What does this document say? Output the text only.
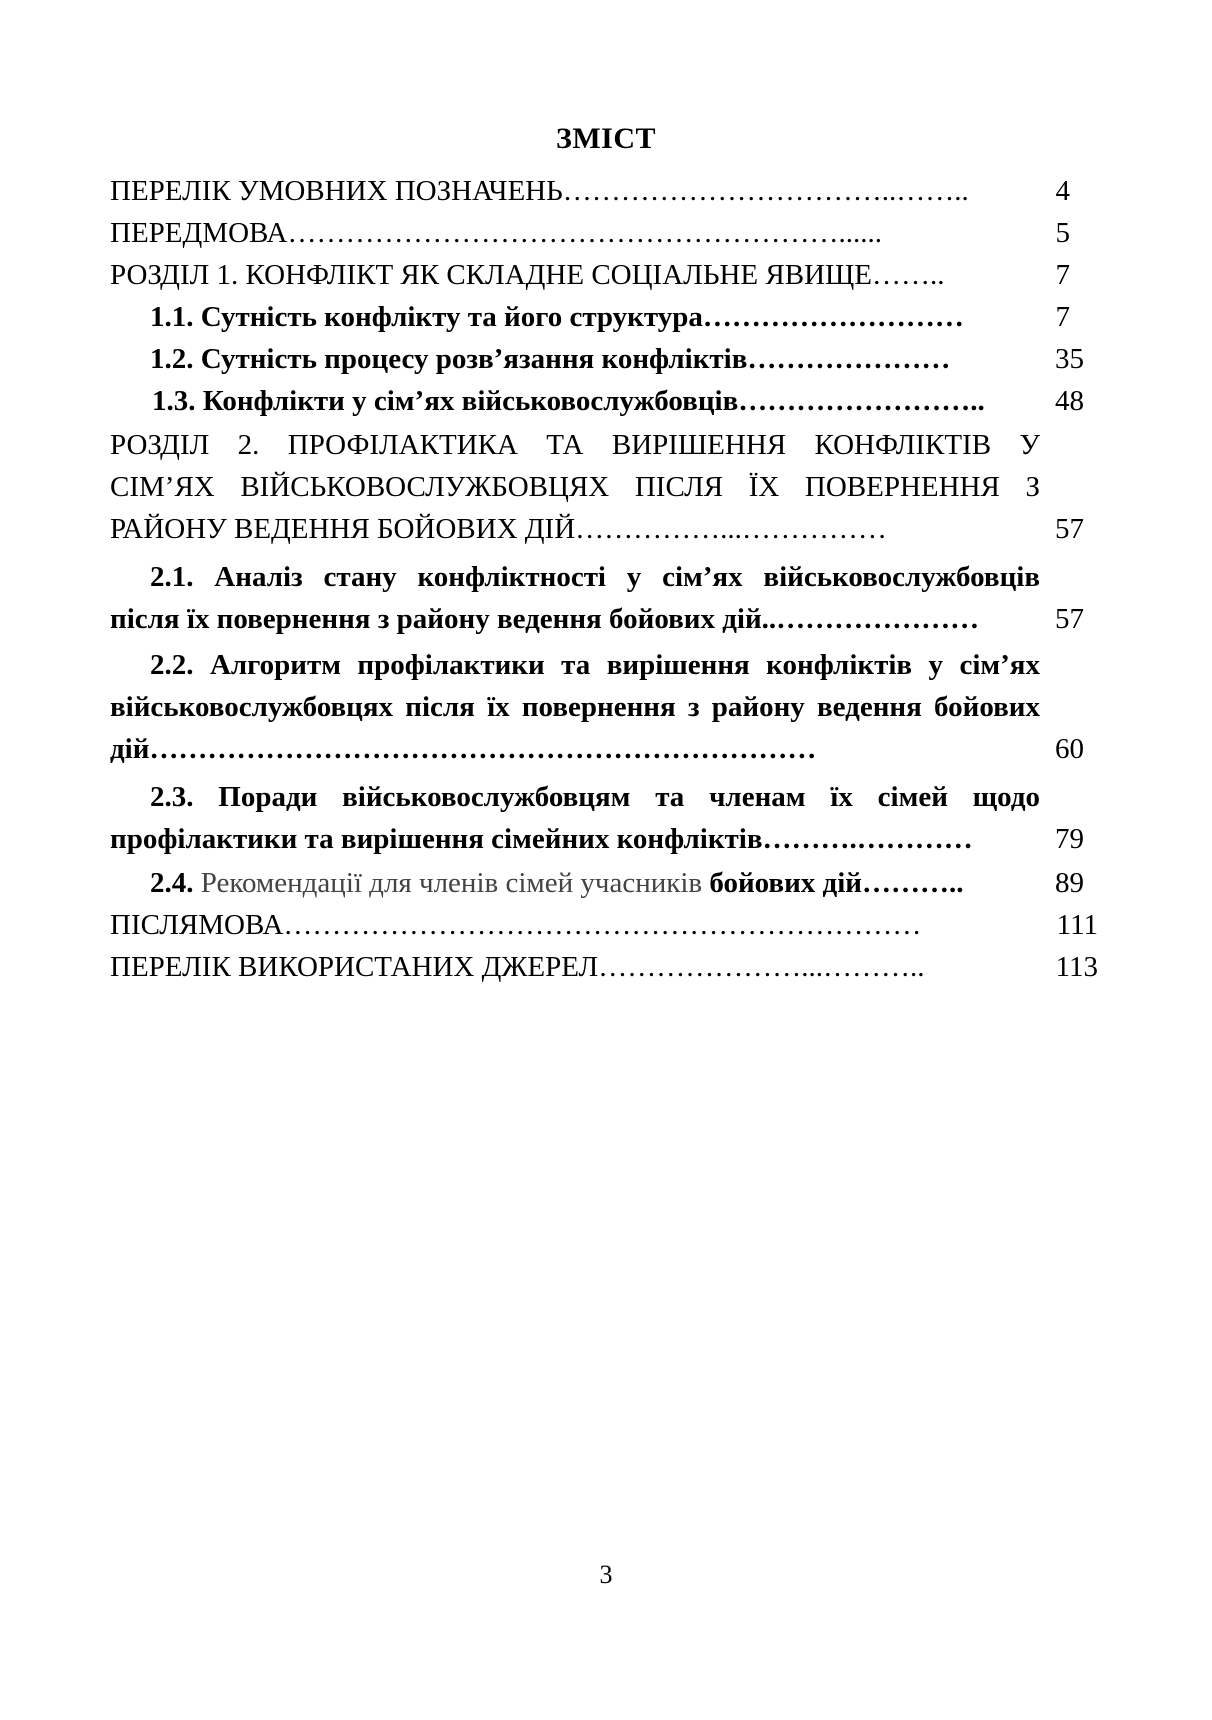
ЗМІСТ
ПЕРЕЛІК УМОВНИХ ПОЗНАЧЕНЬ……………………………..……..	4
ПЕРЕДМОВА…………………………………………………......	5
РОЗДІЛ 1. КОНФЛІКТ ЯК СКЛАДНЕ СОЦІАЛЬНЕ ЯВИЩЕ……..	7
1.1. Сутність конфлікту та його структура………………………	7
1.2. Сутність процесу розв’язання конфліктів…………………	35
1.3. Конфлікти у сім’ях військовослужбовців……………………..	48
РОЗДІЛ 2. ПРОФІЛАКТИКА ТА ВИРІШЕННЯ КОНФЛІКТІВ У
СІМ’ЯХ ВІЙСЬКОВОСЛУЖБОВЦЯХ ПІСЛЯ ЇХ ПОВЕРНЕННЯ З
РАЙОНУ ВЕДЕННЯ БОЙОВИХ ДІЙ……………...……………	57
2.1. Аналіз стану конфліктності у сім’ях військовослужбовців
після їх повернення з району ведення бойових дій..…………………	57
2.2. Алгоритм профілактики та вирішення конфліктів у сім’ях
військовослужбовцях після їх повернення з району ведення бойових
дій……………………………………………………………	60
2.3. Поради військовослужбовцям та членам їх сімей щодо
профілактики та вирішення сімейних конфліктів……….…………	79
2.4. Рекомендації для членів сімей учасників бойових дій………..	89
ПІСЛЯМОВА…………………………………………………………	111
ПЕРЕЛІК ВИКОРИСТАНИХ ДЖЕРЕЛ…………………...………..	113
3
